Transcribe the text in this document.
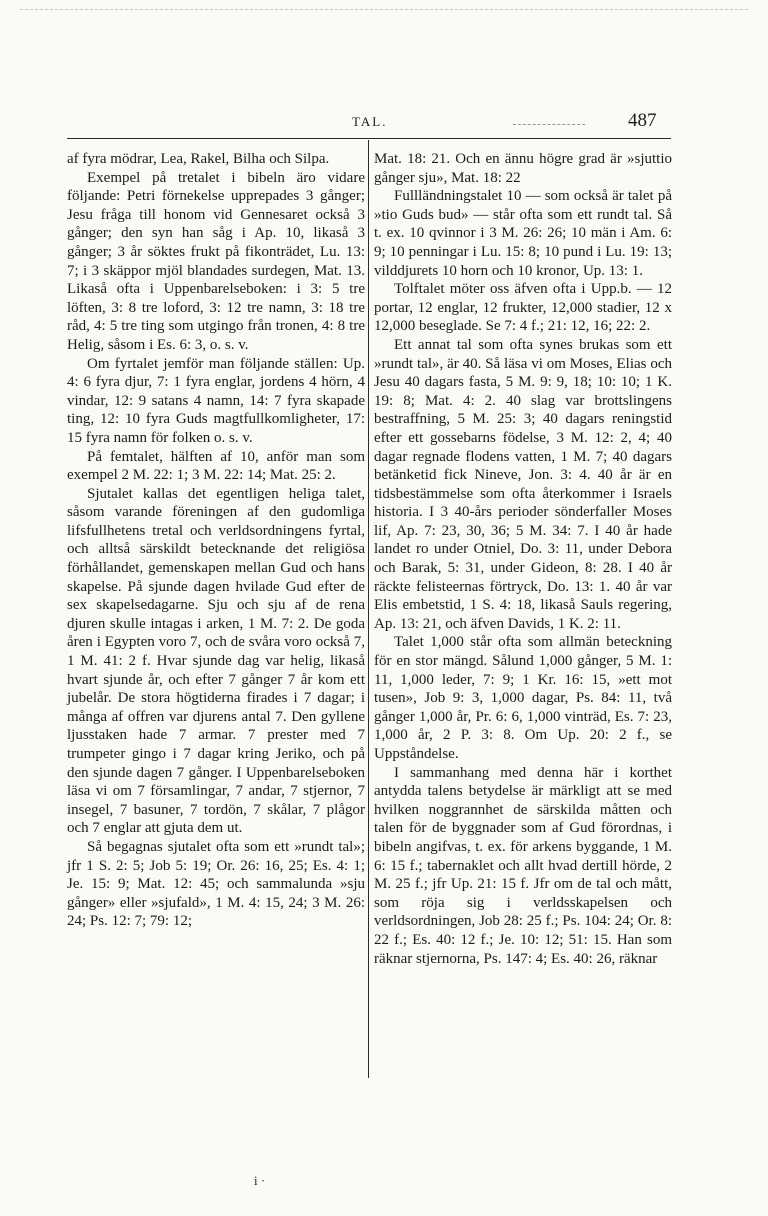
TAL.	487

af fyra mödrar, Lea, Rakel, Bilha och Silpa.

Exempel på tretalet i bibeln äro vidare följande: Petri förnekelse upprepades 3 gånger; Jesu fråga till honom vid Gennesaret också 3 gånger; den syn han såg i Ap. 10, likaså 3 gånger; 3 år söktes frukt på fikonträdet, Lu. 13: 7; i 3 skäppor mjöl blandades surdegen, Mat. 13. Likaså ofta i Uppenbarelseboken: i 3: 5 tre löften, 3: 8 tre loford, 3: 12 tre namn, 3: 18 tre råd, 4: 5 tre ting som utgingo från tronen, 4: 8 tre Helig, såsom i Es. 6: 3, o. s. v.

Om fyrtalet jemför man följande ställen: Up. 4: 6 fyra djur, 7: 1 fyra englar, jordens 4 hörn, 4 vindar, 12: 9 satans 4 namn, 14: 7 fyra skapade ting, 12: 10 fyra Guds magtfullkomligheter, 17: 15 fyra namn för folken o. s. v.

På femtalet, hälften af 10, anför man som exempel 2 M. 22: 1; 3 M. 22: 14; Mat. 25: 2.

Sjutalet kallas det egentligen heliga talet, såsom varande föreningen af den gudomliga lifsfullhetens tretal och verldsordningens fyrtal, och alltså särskildt betecknande det religiösa förhållandet, gemenskapen mellan Gud och hans skapelse. På sjunde dagen hvilade Gud efter de sex skapelsedagarne. Sju och sju af de rena djuren skulle intagas i arken, 1 M. 7: 2. De goda åren i Egypten voro 7, och de svåra voro också 7, 1 M. 41: 2 f. Hvar sjunde dag var helig, likaså hvart sjunde år, och efter 7 gånger 7 år kom ett jubelår. De stora högtiderna firades i 7 dagar; i många af offren var djurens antal 7. Den gyllene ljusstaken hade 7 armar. 7 prester med 7 trumpeter gingo i 7 dagar kring Jeriko, och på den sjunde dagen 7 gånger. I Uppenbarelseboken läsa vi om 7 församlingar, 7 andar, 7 stjernor, 7 insegel, 7 basuner, 7 tordön, 7 skålar, 7 plågor och 7 englar att gjuta dem ut.

Så begagnas sjutalet ofta som ett »rundt tal»; jfr 1 S. 2: 5; Job 5: 19; Or. 26: 16, 25; Es. 4: 1; Je. 15: 9; Mat. 12: 45; och sammalunda »sju gånger» eller »sjufald», 1 M. 4: 15, 24; 3 M. 26: 24; Ps. 12: 7; 79: 12;

Mat. 18: 21. Och en ännu högre grad är »sjuttio gånger sju», Mat. 18: 22

Fullländningstalet 10 — som också är talet på »tio Guds bud» — står ofta som ett rundt tal. Så t. ex. 10 qvinnor i 3 M. 26: 26; 10 män i Am. 6: 9; 10 penningar i Lu. 15: 8; 10 pund i Lu. 19: 13; vilddjurets 10 horn och 10 kronor, Up. 13: 1.

Tolftalet möter oss äfven ofta i Upp.b. — 12 portar, 12 englar, 12 frukter, 12,000 stadier, 12 x 12,000 beseglade. Se 7: 4 f.; 21: 12, 16; 22: 2.

Ett annat tal som ofta synes brukas som ett »rundt tal», är 40. Så läsa vi om Moses, Elias och Jesu 40 dagars fasta, 5 M. 9: 9, 18; 10: 10; 1 K. 19: 8; Mat. 4: 2. 40 slag var brottslingens bestraffning, 5 M. 25: 3; 40 dagars reningstid efter ett gossebarns födelse, 3 M. 12: 2, 4; 40 dagar regnade flodens vatten, 1 M. 7; 40 dagars betänketid fick Nineve, Jon. 3: 4. 40 år är en tidsbestämmelse som ofta återkommer i Israels historia. I 3 40-års perioder sönderfaller Moses lif, Ap. 7: 23, 30, 36; 5 M. 34: 7. I 40 år hade landet ro under Otniel, Do. 3: 11, under Debora och Barak, 5: 31, under Gideon, 8: 28. I 40 år räckte felisteernas förtryck, Do. 13: 1. 40 år var Elis embetstid, 1 S. 4: 18, likaså Sauls regering, Ap. 13: 21, och äfven Davids, 1 K. 2: 11.

Talet 1,000 står ofta som allmän beteckning för en stor mängd. Sålund 1,000 gånger, 5 M. 1: 11, 1,000 leder, 7: 9; 1 Kr. 16: 15, »ett mot tusen», Job 9: 3, 1,000 dagar, Ps. 84: 11, två gånger 1,000 år, Pr. 6: 6, 1,000 vinträd, Es. 7: 23, 1,000 år, 2 P. 3: 8. Om Up. 20: 2 f., se Uppståndelse.

I sammanhang med denna här i korthet antydda talens betydelse är märkligt att se med hvilken noggrannhet de särskilda måtten och talen för de byggnader som af Gud förordnas, i bibeln angifvas, t. ex. för arkens byggande, 1 M. 6: 15 f.; tabernaklet och allt hvad dertill hörde, 2 M. 25 f.; jfr Up. 21: 15 f. Jfr om de tal och mått, som röja sig i verldsskapelsen och verldsordningen, Job 28: 25 f.; Ps. 104: 24; Or. 8: 22 f.; Es. 40: 12 f.; Je. 10: 12; 51: 15. Han som räknar stjernorna, Ps. 147: 4; Es. 40: 26, räknar

i ·
